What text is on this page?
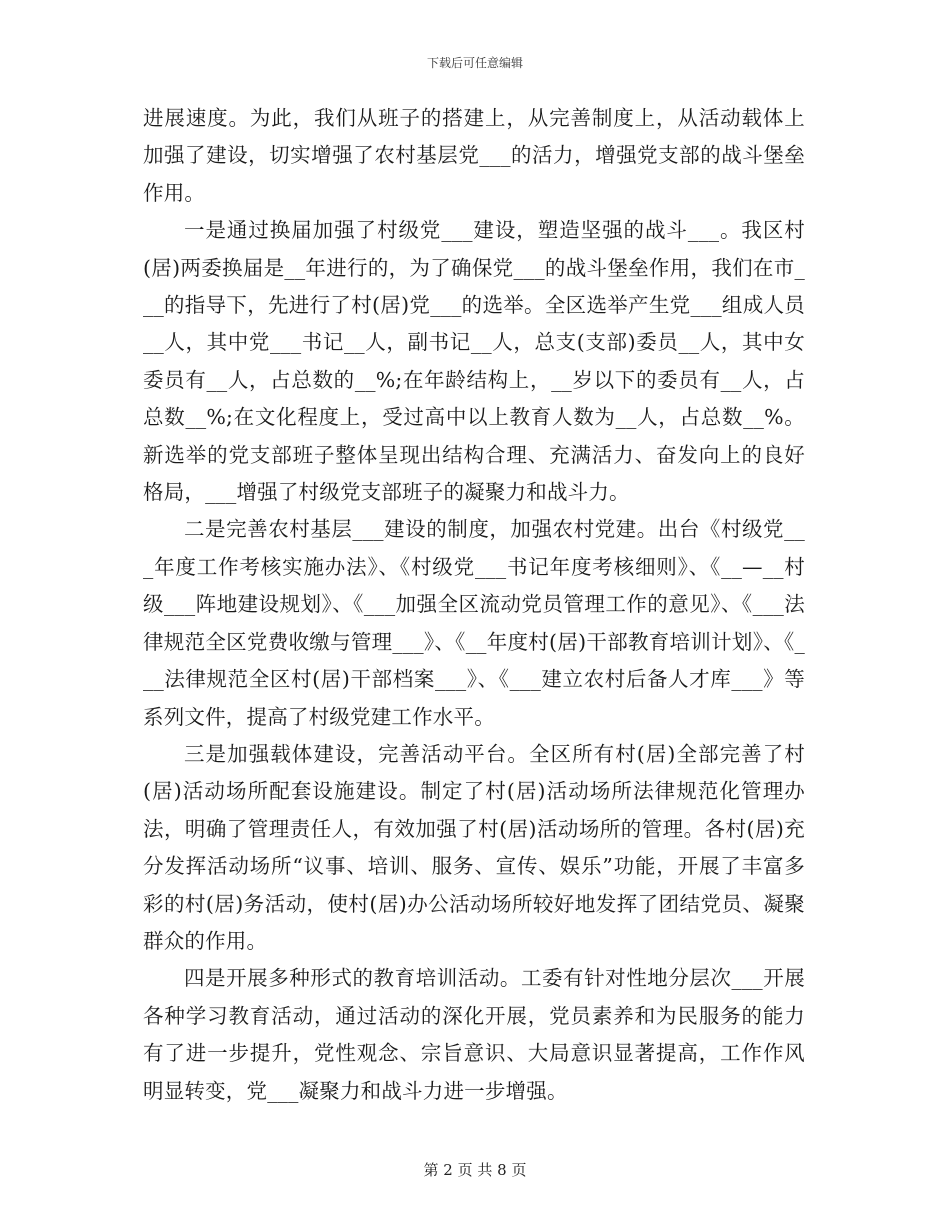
下载后可任意编辑

进展速度。为此，我们从班子的搭建上，从完善制度上，从活动载体上加强了建设，切实增强了农村基层党___的活力，增强党支部的战斗堡垒作用。

一是通过换届加强了村级党___建设，塑造坚强的战斗___。我区村(居)两委换届是__年进行的，为了确保党___的战斗堡垒作用，我们在市___的指导下，先进行了村(居)党___的选举。全区选举产生党___组成人员__人，其中党___书记__人，副书记__人，总支(支部)委员__人，其中女委员有__人，占总数的__%;在年龄结构上，__岁以下的委员有__人，占总数__%;在文化程度上，受过高中以上教育人数为__人，占总数__%。新选举的党支部班子整体呈现出结构合理、充满活力、奋发向上的良好格局，___增强了村级党支部班子的凝聚力和战斗力。

二是完善农村基层___建设的制度，加强农村党建。出台《村级党___年度工作考核实施办法》、《村级党___书记年度考核细则》、《__—__村级___阵地建设规划》、《___加强全区流动党员管理工作的意见》、《___法律规范全区党费收缴与管理___》、《__年度村(居)干部教育培训计划》、《___法律规范全区村(居)干部档案___》、《___建立农村后备人才库___》等系列文件，提高了村级党建工作水平。

三是加强载体建设，完善活动平台。全区所有村(居)全部完善了村(居)活动场所配套设施建设。制定了村(居)活动场所法律规范化管理办法，明确了管理责任人，有效加强了村(居)活动场所的管理。各村(居)充分发挥活动场所“议事、培训、服务、宣传、娱乐”功能，开展了丰富多彩的村(居)务活动，使村(居)办公活动场所较好地发挥了团结党员、凝聚群众的作用。

四是开展多种形式的教育培训活动。工委有针对性地分层次___开展各种学习教育活动，通过活动的深化开展，党员素养和为民服务的能力有了进一步提升，党性观念、宗旨意识、大局意识显著提高，工作作风明显转变，党___凝聚力和战斗力进一步增强。

第 2 页 共 8 页
